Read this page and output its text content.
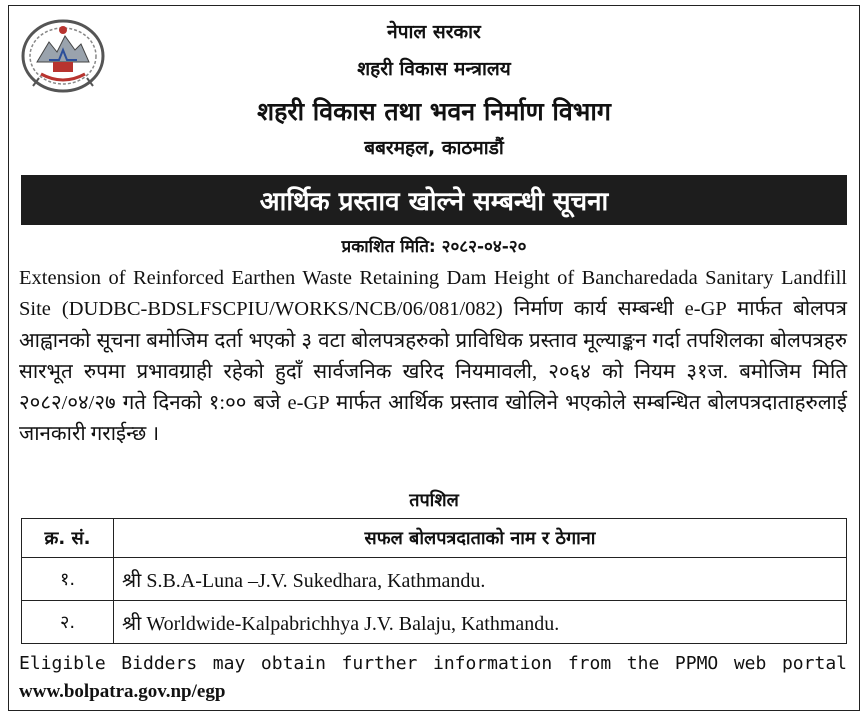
नेपाल सरकार
शहरी विकास मन्त्रालय
शहरी विकास तथा भवन निर्माण विभाग
बबरमहल, काठमाडौं
आर्थिक प्रस्ताव खोल्ने सम्बन्धी सूचना
प्रकाशित मिति: २०८२-०४-२०

Extension of Reinforced Earthen Waste Retaining Dam Height of Bancharedada Sanitary Landfill Site (DUDBC-BDSLFSCPIU/WORKS/NCB/06/081/082) निर्माण कार्य सम्बन्धी e-GP मार्फत बोलपत्र आह्वानको सूचना बमोजिम दर्ता भएको ३ वटा बोलपत्रहरुको प्राविधिक प्रस्ताव मूल्याङ्कन गर्दा तपशिलका बोलपत्रहरु सारभूत रुपमा प्रभावग्राही रहेको हुदाँ सार्वजनिक खरिद नियमावली, २०६४ को नियम ३१ज. बमोजिम मिति २०८२/०४/२७ गते दिनको १:०० बजे e-GP मार्फत आर्थिक प्रस्ताव खोलिने भएकोले सम्बन्धित बोलपत्रदाताहरुलाई जानकारी गराईन्छ ।

तपशिल
क्र. सं.	सफल बोलपत्रदाताको नाम र ठेगाना
१.	श्री S.B.A-Luna –J.V. Sukedhara, Kathmandu.
२.	श्री Worldwide-Kalpabrichhya J.V. Balaju, Kathmandu.
Eligible Bidders may obtain further information from the PPMO web portal
www.bolpatra.gov.np/egp
